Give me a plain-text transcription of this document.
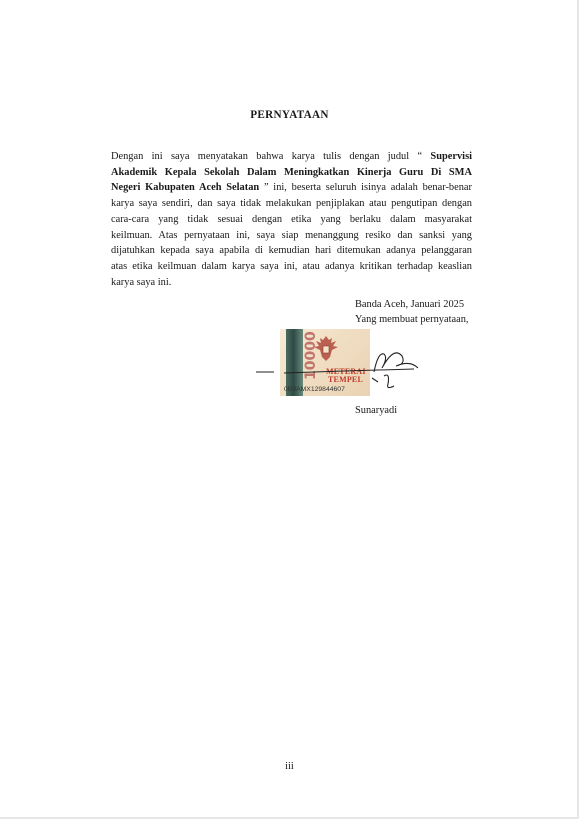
PERNYATAAN
Dengan ini saya menyatakan bahwa karya tulis dengan judul “ Supervisi
Akademik Kepala Sekolah Dalam Meningkatkan Kinerja Guru Di SMA
Negeri Kabupaten Aceh Selatan ” ini, beserta seluruh isinya adalah benar-benar
karya saya sendiri, dan saya tidak melakukan penjiplakan atau pengutipan dengan
cara-cara yang tidak sesuai dengan etika yang berlaku dalam masyarakat
keilmuan. Atas pernyataan ini, saya siap menanggung resiko dan sanksi yang
dijatuhkan kepada saya apabila di kemudian hari ditemukan adanya pelanggaran
atas etika keilmuan dalam karya saya ini, atau adanya kritikan terhadap keaslian
karya saya ini.
Banda Aceh, Januari 2025
Yang membuat pernyataan,
10000 METERAI
TEMPEL
0B9AMX129844607
Sunaryadi
iii
